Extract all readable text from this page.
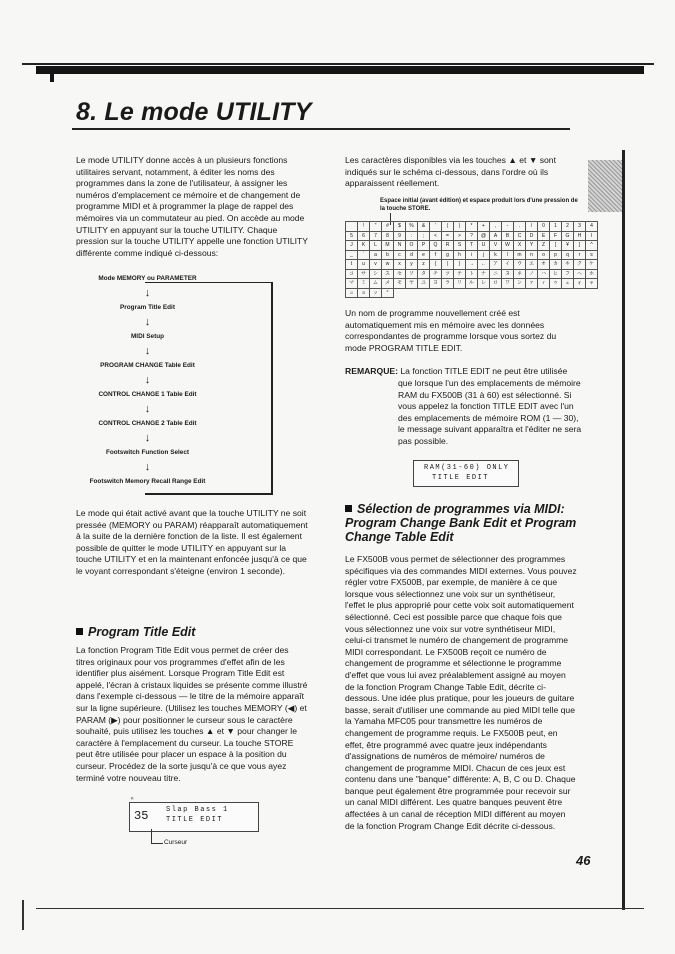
8. Le mode UTILITY
Le mode UTILITY donne accès à un plusieurs fonctions utilitaires servant, notamment, à éditer les noms des programmes dans la zone de l'utilisateur, à assigner les numéros d'emplacement ce mémoire et de changement de programme MIDI et à programmer la plage de rappel des mémoires via un commutateur au pied. On accède au mode UTILITY en appuyant sur la touche UTILITY. Chaque pression sur la touche UTILITY appelle une fonction UTILITY différente comme indiqué ci-dessous:
Mode MEMORY ou PARAMETER
↓
Program Title Edit
↓
MIDI Setup
↓
PROGRAM CHANGE Table Edit
↓
CONTROL CHANGE 1 Table Edit
↓
CONTROL CHANGE 2 Table Edit
↓
Footswitch Function Select
↓
Footswitch Memory Recall Range Edit
Le mode qui était activé avant que la touche UTILITY ne soit pressée (MEMORY ou PARAM) réapparaît automatiquement à la suite de la dernière fonction de la liste. Il est également possible de quitter le mode UTILITY en appuyant sur la touche UTILITY et en la maintenant enfoncée jusqu'à ce que le voyant correspondant s'éteigne (environ 1 seconde).
Program Title Edit
La fonction Program Title Edit vous permet de créer des titres originaux pour vos programmes d'effet afin de les identifier plus aisément. Lorsque Program Title Edit est appelé, l'écran à cristaux liquides se présente comme illustré dans l'exemple ci-dessous — le titre de la mémoire apparaît sur la ligne supérieure. (Utilisez les touches MEMORY (◀) et PARAM (▶) pour positionner le curseur sous le caractère souhaité, puis utilisez les touches ▲ et ▼ pour changer le caractère à l'emplacement du curseur. La touche STORE peut être utilisée pour placer un espace à la position du curseur. Procédez de la sorte jusqu'à ce que vous ayez terminé votre nouveau titre.
35	Slap Bass 1
TITLE EDIT
ⁿ
Curseur
Les caractères disponibles via les touches ▲ et ▼ sont indiqués sur le schéma ci-dessous, dans l'ordre où ils apparaissent réellement.
Espace initial (avant édition) et espace produit lors d'une pression de la touche STORE.
	!	"	#	$	%	&	'	(	)	*	+	,	-	.	/	0	1	2	3	4
5	6	7	8	9	:	;	<	=	>	?	@	A	B	C	D	E	F	G	H	I
J	K	L	M	N	O	P	Q	R	S	T	U	V	W	X	Y	Z	[	¥	]	^
_	`	a	b	c	d	e	f	g	h	i	j	k	l	m	n	o	p	q	r	s
t	u	v	w	x	y	z	{	|	}	→	←	ア	イ	ウ	エ	オ	カ	キ	ク	ケ
コ	サ	シ	ス	セ	ソ	タ	チ	ツ	テ	ト	ナ	ニ	ヌ	ネ	ノ	ハ	ヒ	フ	ヘ	ホ
マ	ミ	ム	メ	モ	ヤ	ユ	ヨ	ラ	リ	ル	レ	ロ	ワ	ン	ァ	ィ	ゥ	ェ	ォ	ャ
ュ	ョ	ッ	°																	
Un nom de programme nouvellement créé est automatiquement mis en mémoire avec les données correspondantes de programme lorsque vous sortez du mode PROGRAM TITLE EDIT.
REMARQUE: La fonction TITLE EDIT ne peut être utilisée
que lorsque l'un des emplacements de mémoire RAM du FX500B (31 à 60) est sélectionné. Si vous appelez la fonction TITLE EDIT avec l'un des emplacements de mémoire ROM (1 — 30), le message suivant apparaîtra et l'éditer ne sera pas possible.
RAM(31-60) ONLY
TITLE EDIT
Sélection de programmes via MIDI: Program Change Bank Edit et Program Change Table Edit
Le FX500B vous permet de sélectionner des programmes spécifiques via des commandes MIDI externes. Vous pouvez régler votre FX500B, par exemple, de manière à ce que lorsque vous sélectionnez une voix sur un synthétiseur, l'effet le plus approprié pour cette voix soit automatiquement sélectionné. Ceci est possible parce que chaque fois que vous sélectionnez une voix sur votre synthétiseur MIDI, celui-ci transmet le numéro de changement de programme MIDI correspondant. Le FX500B reçoit ce numéro de changement de programme et sélectionne le programme d'effet que vous lui avez préalablement assigné au moyen de la fonction Program Change Table Edit, décrite ci-dessous. Une idée plus pratique, pour les joueurs de guitare basse, serait d'utiliser une commande au pied MIDI telle que la Yamaha MFC05 pour transmettre les numéros de changement de programme requis. Le FX500B peut, en effet, être programmé avec quatre jeux indépendants d'assignations de numéros de mémoire/ numéros de changement de programme MIDI. Chacun de ces jeux est contenu dans une "banque" différente: A, B, C ou D. Chaque banque peut également être programmée pour recevoir sur un canal MIDI différent. Les quatre banques peuvent être affectées à un canal de réception MIDI différent au moyen de la fonction Program Change Edit décrite ci-dessous.
46
